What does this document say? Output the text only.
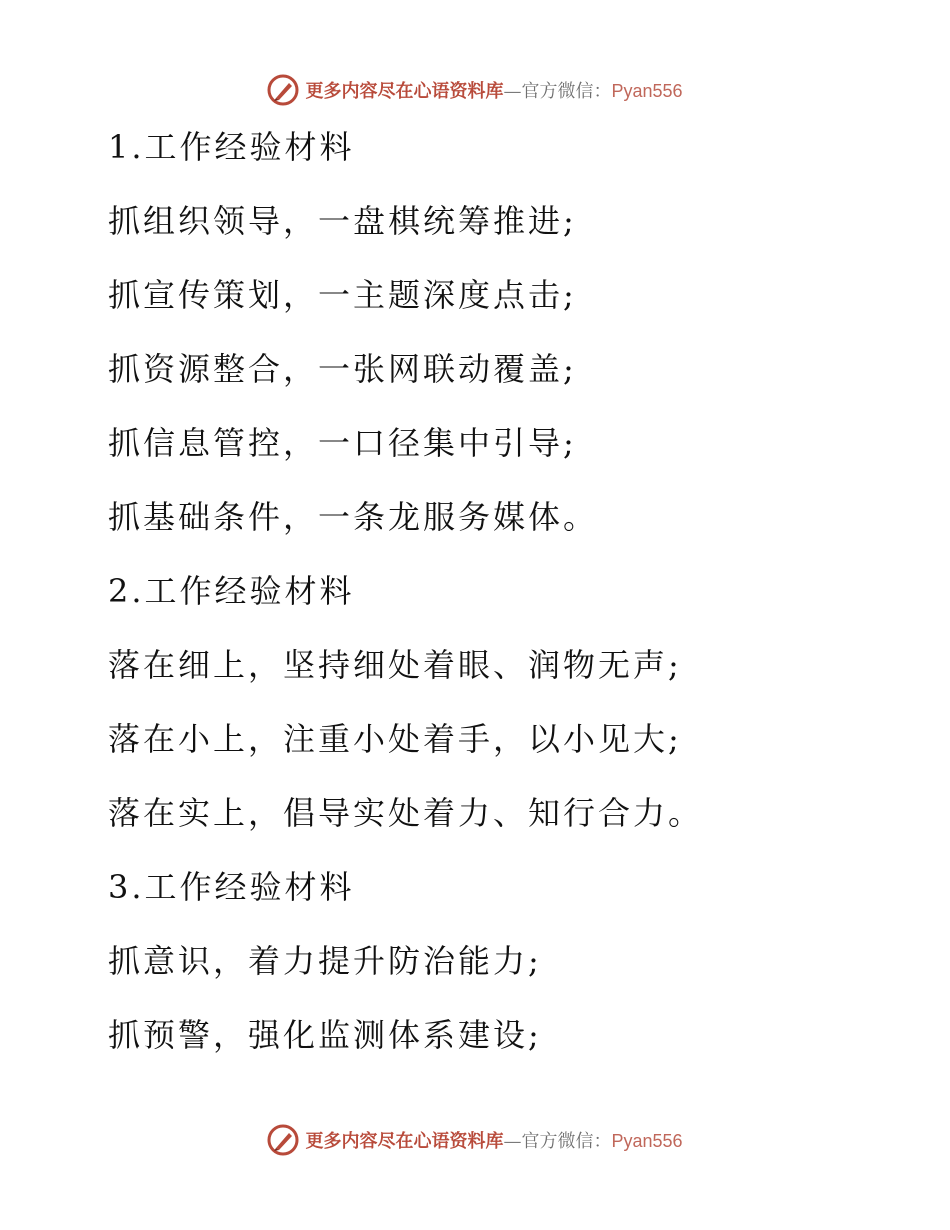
更多内容尽在心语资料库—官方微信：Pyan556
1.工作经验材料
抓组织领导，一盘棋统筹推进;
抓宣传策划，一主题深度点击;
抓资源整合，一张网联动覆盖;
抓信息管控，一口径集中引导;
抓基础条件，一条龙服务媒体。
2.工作经验材料
落在细上，坚持细处着眼、润物无声;
落在小上，注重小处着手，以小见大;
落在实上，倡导实处着力、知行合力。
3.工作经验材料
抓意识，着力提升防治能力;
抓预警，强化监测体系建设;
更多内容尽在心语资料库—官方微信：Pyan556
